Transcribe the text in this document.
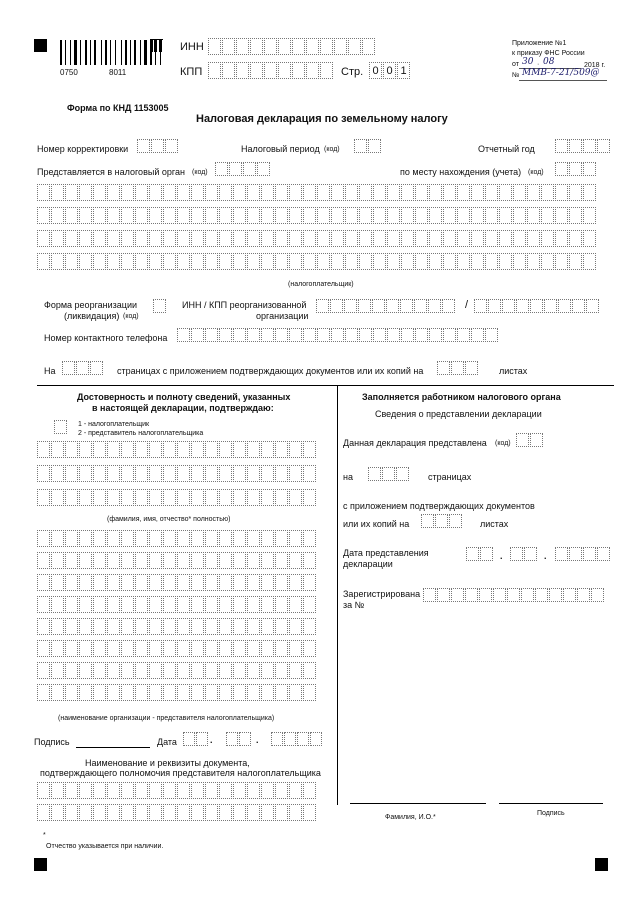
0750	8011
ИНН
КПП	Стр. 0 0 1
Приложение №1
к приказу ФНС России
от 30 · 08	2018 г.
№ ММВ-7-21/509@
Форма по КНД 1153005
Налоговая декларация по земельному налогу
Номер корректировки	Налоговый период (код)	Отчетный год
Представляется в налоговый орган (код)	по месту нахождения (учета) (код)
(налогоплательщик)
Форма реорганизации
(ликвидация) (код)
ИНН / КПП реорганизованной
организации
/
Номер контактного телефона
На	страницах с приложением подтверждающих документов или их копий на	листах
Достоверность и полноту сведений, указанных
в настоящей декларации, подтверждаю:
1 - налогоплательщик
2 - представитель налогоплательщика
(фамилия, имя, отчество* полностью)
(наименование организации - представителя налогоплательщика)
Подпись	Дата	.	.
Наименование и реквизиты документа,
подтверждающего полномочия представителя налогоплательщика
Заполняется работником налогового органа
Сведения о представлении декларации
Данная декларация представлена (код)
на	страницах
с приложением подтверждающих документов
или их копий на	листах
Дата представления
декларации
.	.
Зарегистрирована
за №
Фамилия, И.О.*
Подпись
*
Отчество указывается при наличии.
